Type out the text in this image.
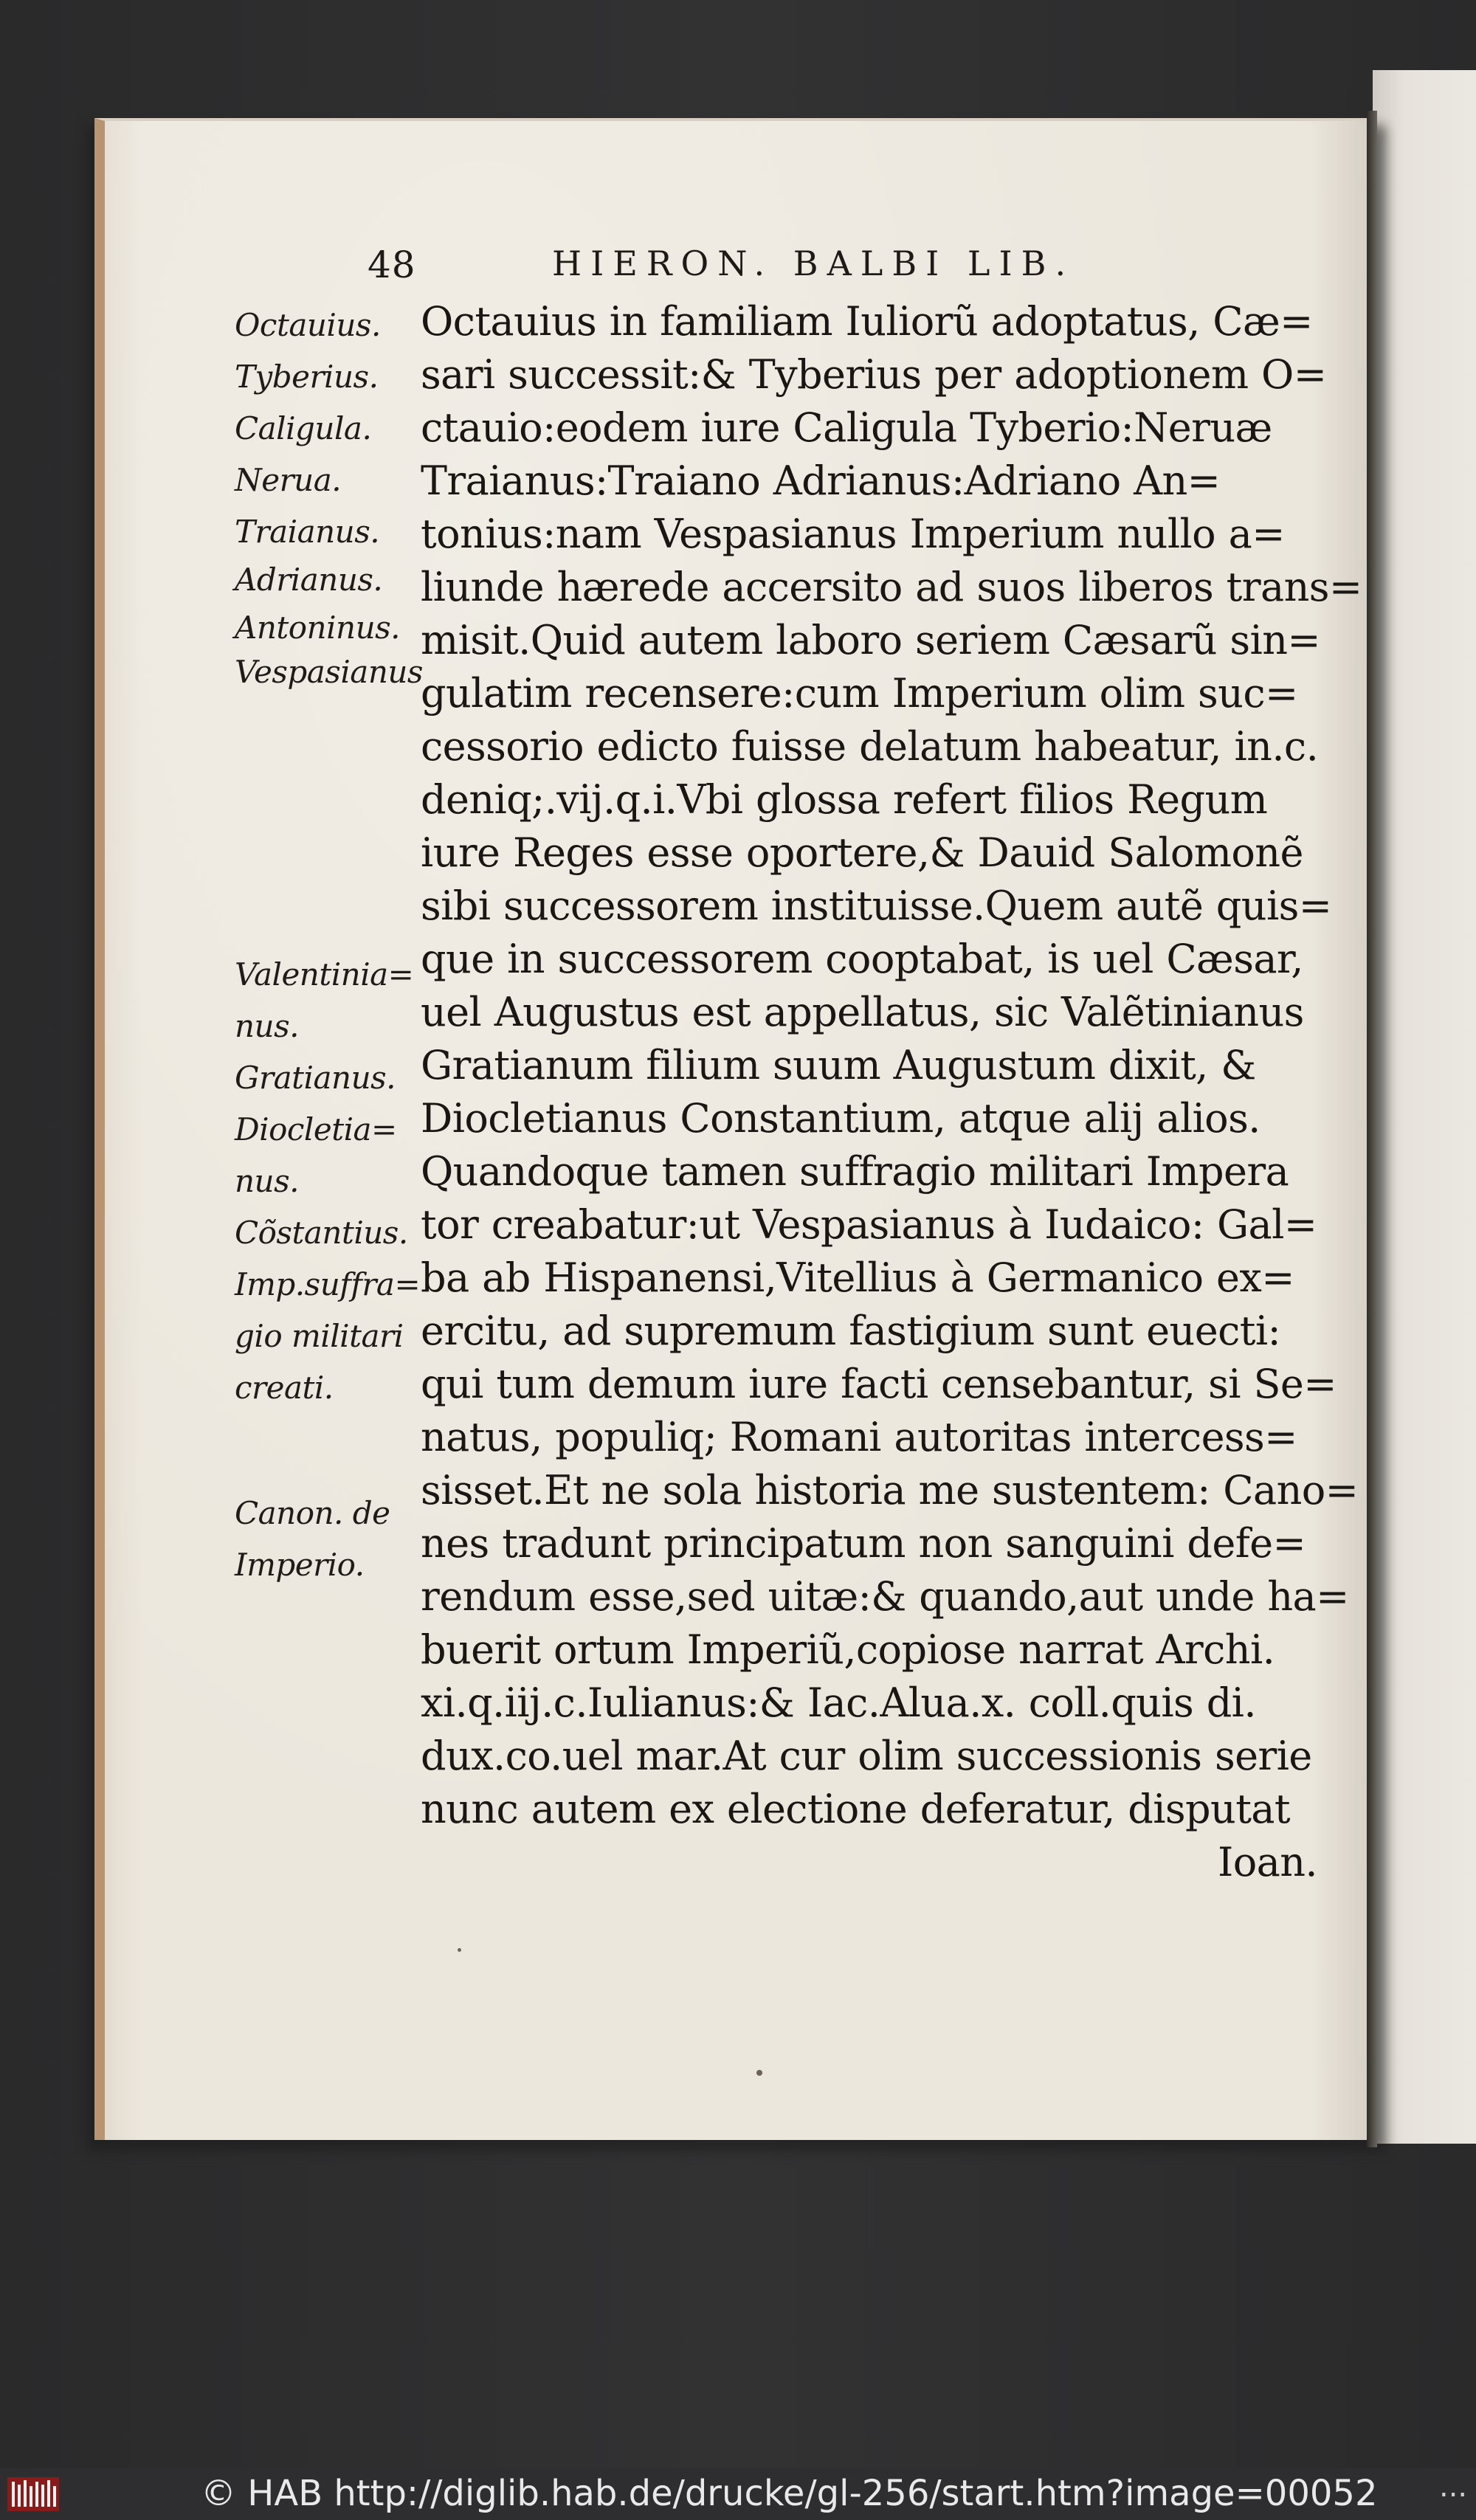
48	HIERON. BALBI LIB.
Octauius.
Tyberius.
Caligula.
Nerua.
Traianus.
Adrianus.
Antoninus.
Vespasianus
Valentinia=
nus.
Gratianus.
Diocletia=
nus.
Cõstantius.
Imp.suffra=
gio militari
creati.
Canon. de
Imperio.
Octauius in familiam Iuliorũ adoptatus, Cæ=
sari successit:& Tyberius per adoptionem O=
ctauio:eodem iure Caligula Tyberio:Neruæ
Traianus:Traiano Adrianus:Adriano An=
tonius:nam Vespasianus Imperium nullo a=
liunde hærede accersito ad suos liberos trans=
misit.Quid autem laboro seriem Cæsarũ sin=
gulatim recensere:cum Imperium olim suc=
cessorio edicto fuisse delatum habeatur, in.c.
deniq;.vij.q.i.Vbi glossa refert filios Regum
iure Reges esse oportere,& Dauid Salomonẽ
sibi successorem instituisse.Quem autẽ quis=
que in successorem cooptabat, is uel Cæsar,
uel Augustus est appellatus, sic Valẽtinianus
Gratianum filium suum Augustum dixit, &
Diocletianus Constantium, atque alij alios.
Quandoque tamen suffragio militari Impera
tor creabatur:ut Vespasianus à Iudaico: Gal=
ba ab Hispanensi,Vitellius à Germanico ex=
ercitu, ad supremum fastigium sunt euecti:
qui tum demum iure facti censebantur, si Se=
natus, populiq; Romani autoritas intercess=
sisset.Et ne sola historia me sustentem: Cano=
nes tradunt principatum non sanguini defe=
rendum esse,sed uitæ:& quando,aut unde ha=
buerit ortum Imperiũ,copiose narrat Archi.
xi.q.iij.c.Iulianus:& Iac.Alua.x. coll.quis di.
dux.co.uel mar.At cur olim successionis serie
nunc autem ex electione deferatur, disputat
Ioan.
© HAB http://diglib.hab.de/drucke/gl-256/start.htm?image=00052 ...
